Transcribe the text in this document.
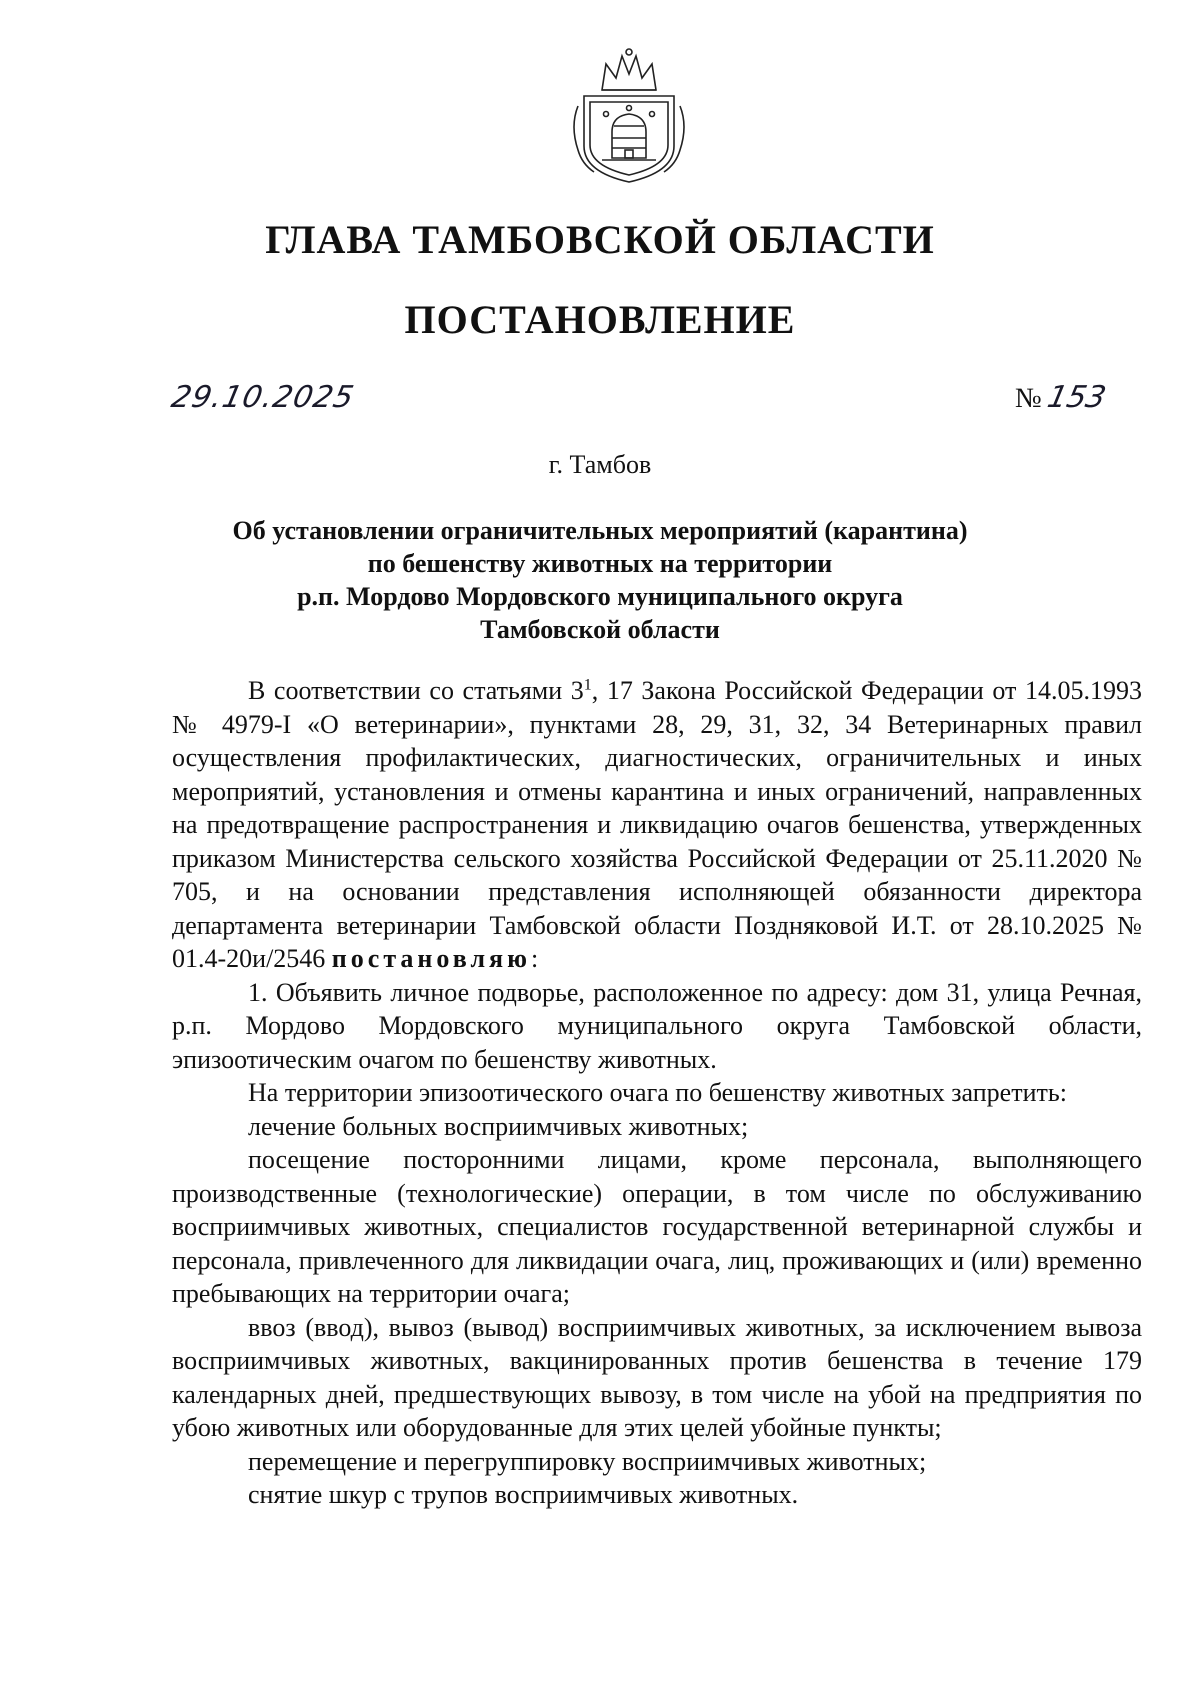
ГЛАВА ТАМБОВСКОЙ ОБЛАСТИ
ПОСТАНОВЛЕНИЕ
29.10.2025	№153
г. Тамбов
Об установлении ограничительных мероприятий (карантина)
по бешенству животных на территории
р.п. Мордово Мордовского муниципального округа
Тамбовской области

В соответствии со статьями $3^1$, 17 Закона Российской Федерации от 14.05.1993 № 4979-I «О ветеринарии», пунктами 28, 29, 31, 32, 34 Ветеринарных правил осуществления профилактических, диагностических, ограничительных и иных мероприятий, установления и отмены карантина и иных ограничений, направленных на предотвращение распространения и ликвидацию очагов бешенства, утвержденных приказом Министерства сельского хозяйства Российской Федерации от 25.11.2020 № 705, и на основании представления исполняющей обязанности директора департамента ветеринарии Тамбовской области Поздняковой И.Т. от 28.10.2025 № 01.4-20и/2546 постановляю:

1. Объявить личное подворье, расположенное по адресу: дом 31, улица Речная, р.п. Мордово Мордовского муниципального округа Тамбовской области, эпизоотическим очагом по бешенству животных.

На территории эпизоотического очага по бешенству животных запретить:

лечение больных восприимчивых животных;

посещение посторонними лицами, кроме персонала, выполняющего производственные (технологические) операции, в том числе по обслуживанию восприимчивых животных, специалистов государственной ветеринарной службы и персонала, привлеченного для ликвидации очага, лиц, проживающих и (или) временно пребывающих на территории очага;

ввоз (ввод), вывоз (вывод) восприимчивых животных, за исключением вывоза восприимчивых животных, вакцинированных против бешенства в течение 179 календарных дней, предшествующих вывозу, в том числе на убой на предприятия по убою животных или оборудованные для этих целей убойные пункты;

перемещение и перегруппировку восприимчивых животных;

снятие шкур с трупов восприимчивых животных.
